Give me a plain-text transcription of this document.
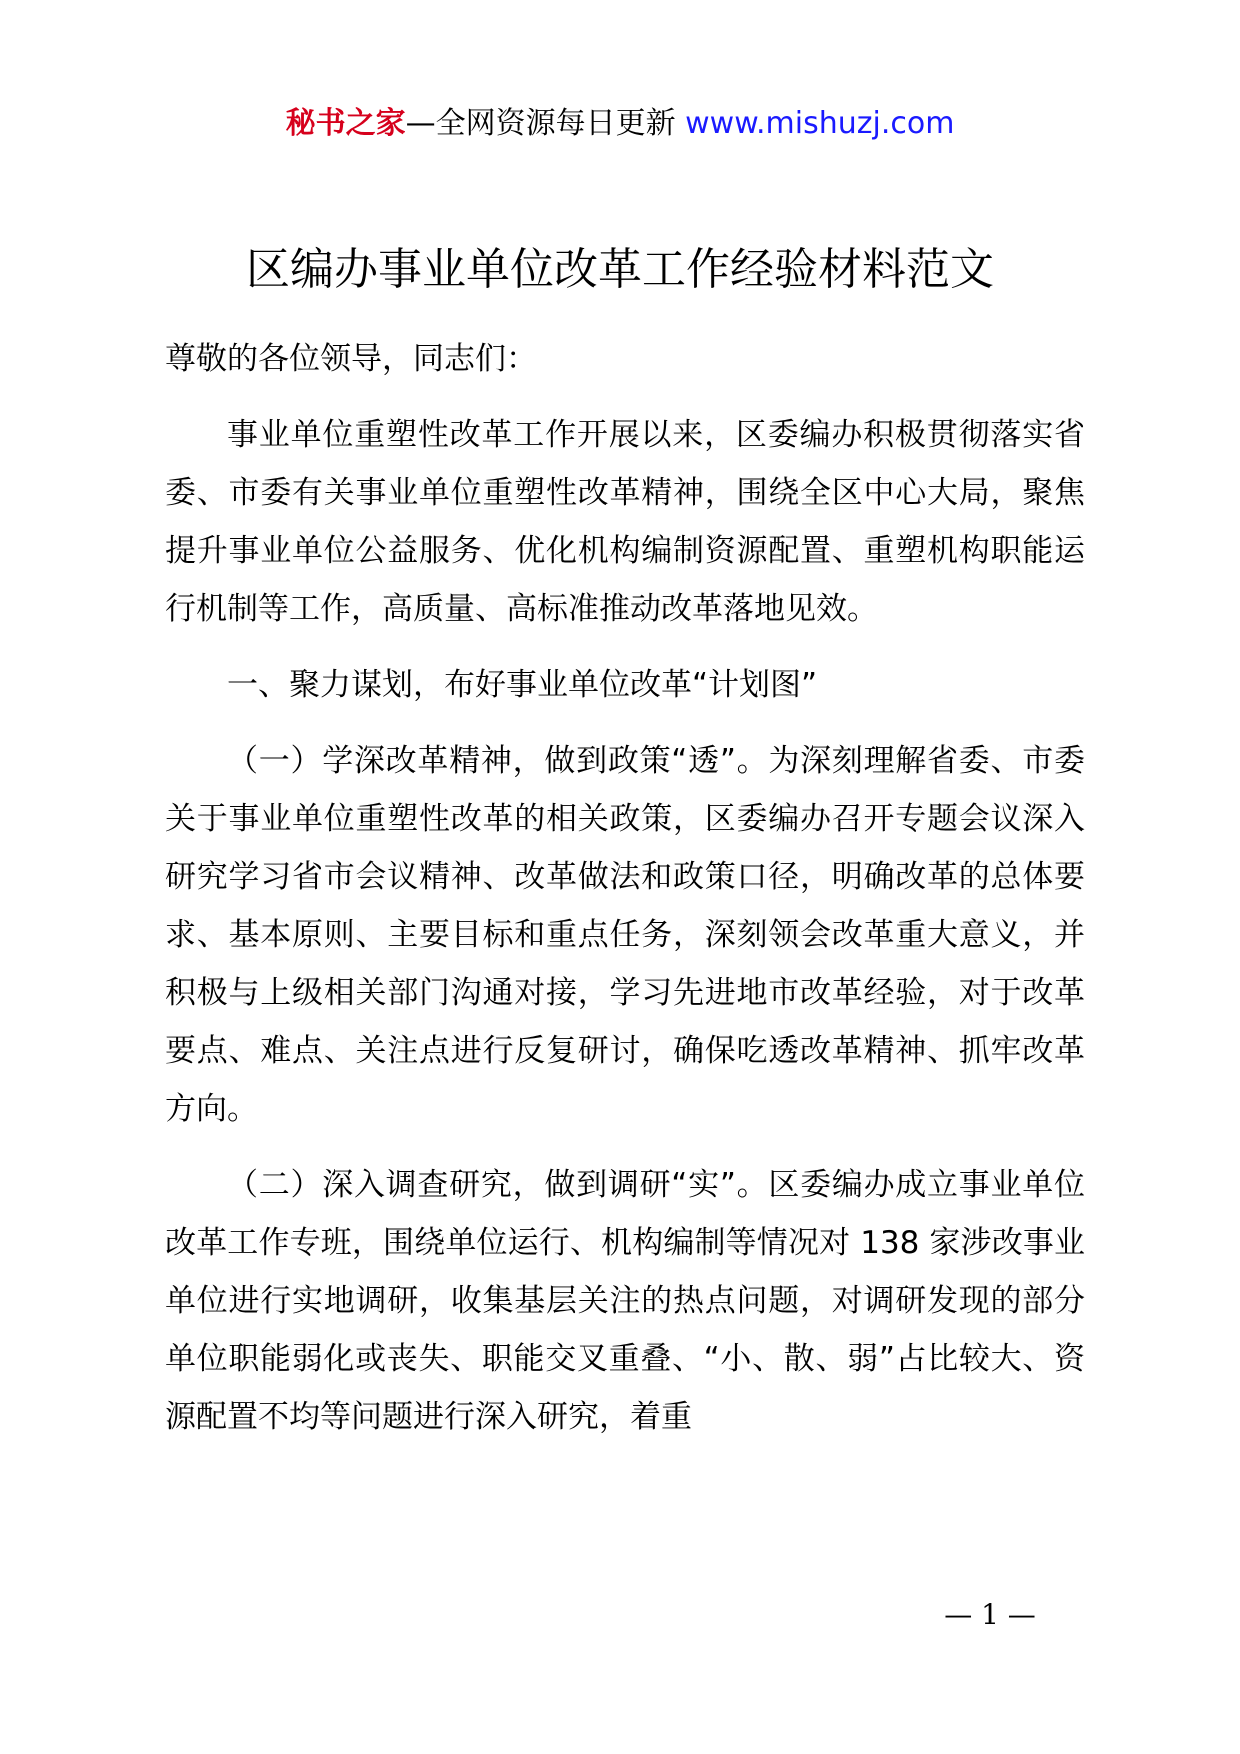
秘书之家—全网资源每日更新 www.mishuzj.com
区编办事业单位改革工作经验材料范文

尊敬的各位领导，同志们：

事业单位重塑性改革工作开展以来，区委编办积极贯彻落实省委、市委有关事业单位重塑性改革精神，围绕全区中心大局，聚焦提升事业单位公益服务、优化机构编制资源配置、重塑机构职能运行机制等工作，高质量、高标准推动改革落地见效。

一、聚力谋划，布好事业单位改革“计划图”

（一）学深改革精神，做到政策“透”。为深刻理解省委、市委关于事业单位重塑性改革的相关政策，区委编办召开专题会议深入研究学习省市会议精神、改革做法和政策口径，明确改革的总体要求、基本原则、主要目标和重点任务，深刻领会改革重大意义，并积极与上级相关部门沟通对接，学习先进地市改革经验，对于改革要点、难点、关注点进行反复研讨，确保吃透改革精神、抓牢改革方向。

（二）深入调查研究，做到调研“实”。区委编办成立事业单位改革工作专班，围绕单位运行、机构编制等情况对 138 家涉改事业单位进行实地调研，收集基层关注的热点问题，对调研发现的部分单位职能弱化或丧失、职能交叉重叠、“小、散、弱”占比较大、资源配置不均等问题进行深入研究，着重

— 1 —
